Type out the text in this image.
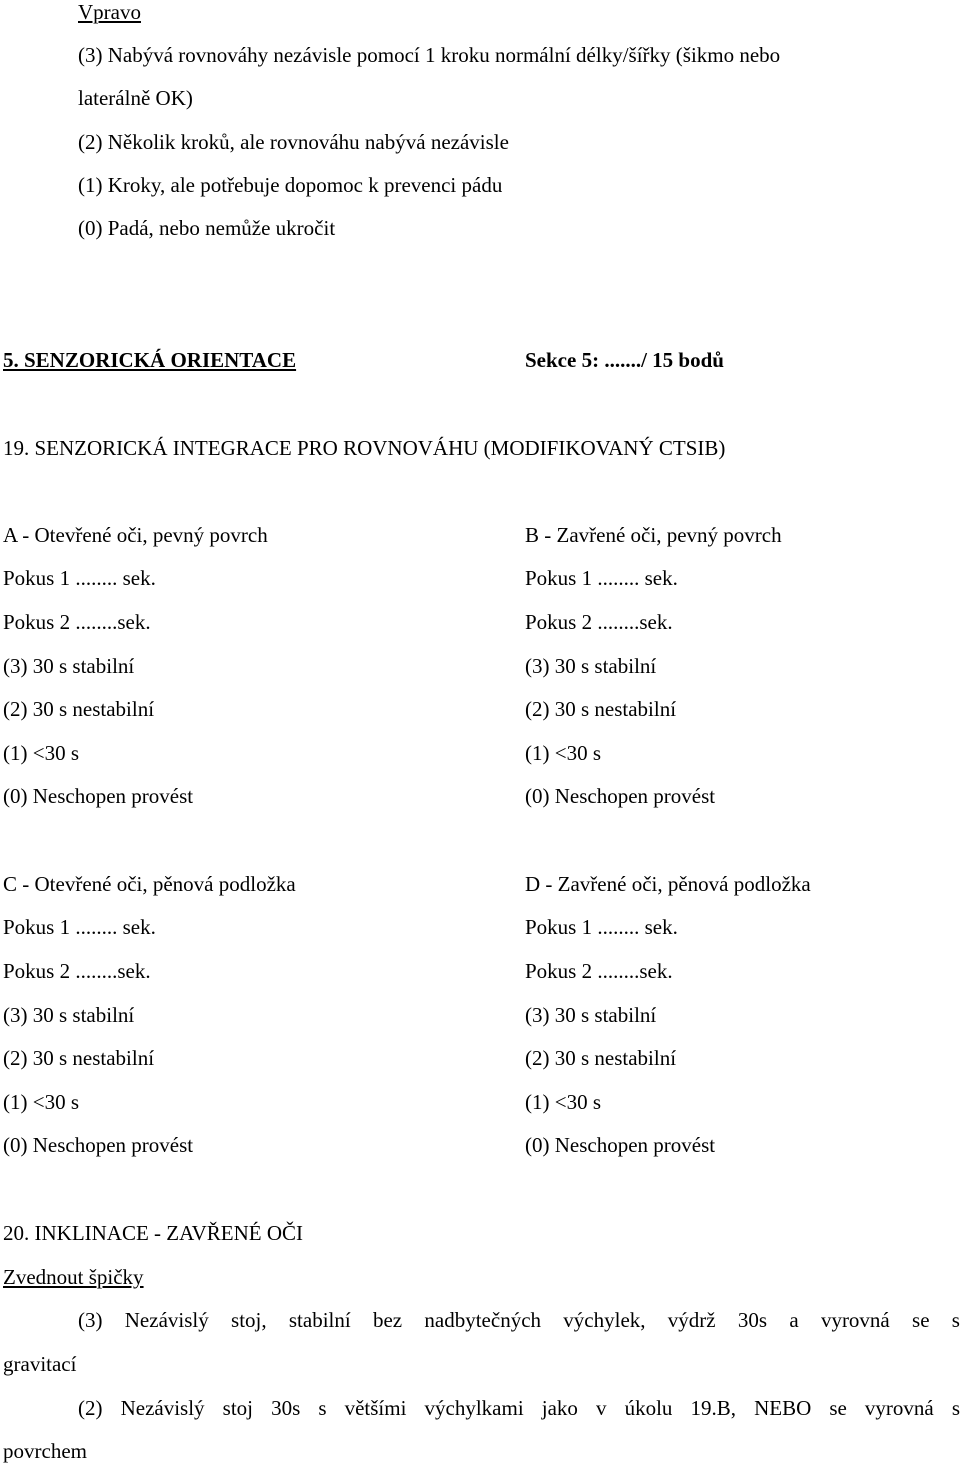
Vpravo
(3) Nabývá rovnováhy nezávisle pomocí 1 kroku normální délky/šířky (šikmo nebo
laterálně OK)
(2) Několik kroků, ale rovnováhu nabývá nezávisle
(1) Kroky, ale potřebuje dopomoc k prevenci pádu
(0) Padá, nebo nemůže ukročit
5. SENZORICKÁ ORIENTACE	Sekce 5: ......./ 15 bodů
19. SENZORICKÁ INTEGRACE PRO ROVNOVÁHU (MODIFIKOVANÝ CTSIB)
A - Otevřené oči, pevný povrch
Pokus 1 ........ sek.
Pokus 2 ........sek.
(3) 30 s stabilní
(2) 30 s nestabilní
(1) <30 s
(0) Neschopen provést
B - Zavřené oči, pevný povrch
Pokus 1 ........ sek.
Pokus 2 ........sek.
(3) 30 s stabilní
(2) 30 s nestabilní
(1) <30 s
(0) Neschopen provést
C - Otevřené oči, pěnová podložka
Pokus 1 ........ sek.
Pokus 2 ........sek.
(3) 30 s stabilní
(2) 30 s nestabilní
(1) <30 s
(0) Neschopen provést
D - Zavřené oči, pěnová podložka
Pokus 1 ........ sek.
Pokus 2 ........sek.
(3) 30 s stabilní
(2) 30 s nestabilní
(1) <30 s
(0) Neschopen provést
20. INKLINACE - ZAVŘENÉ OČI
Zvednout špičky
(3) Nezávislý stoj, stabilní bez nadbytečných výchylek, výdrž 30s a vyrovná se s
gravitací
(2) Nezávislý stoj 30s s většími výchylkami jako v úkolu 19.B, NEBO se vyrovná s
povrchem
